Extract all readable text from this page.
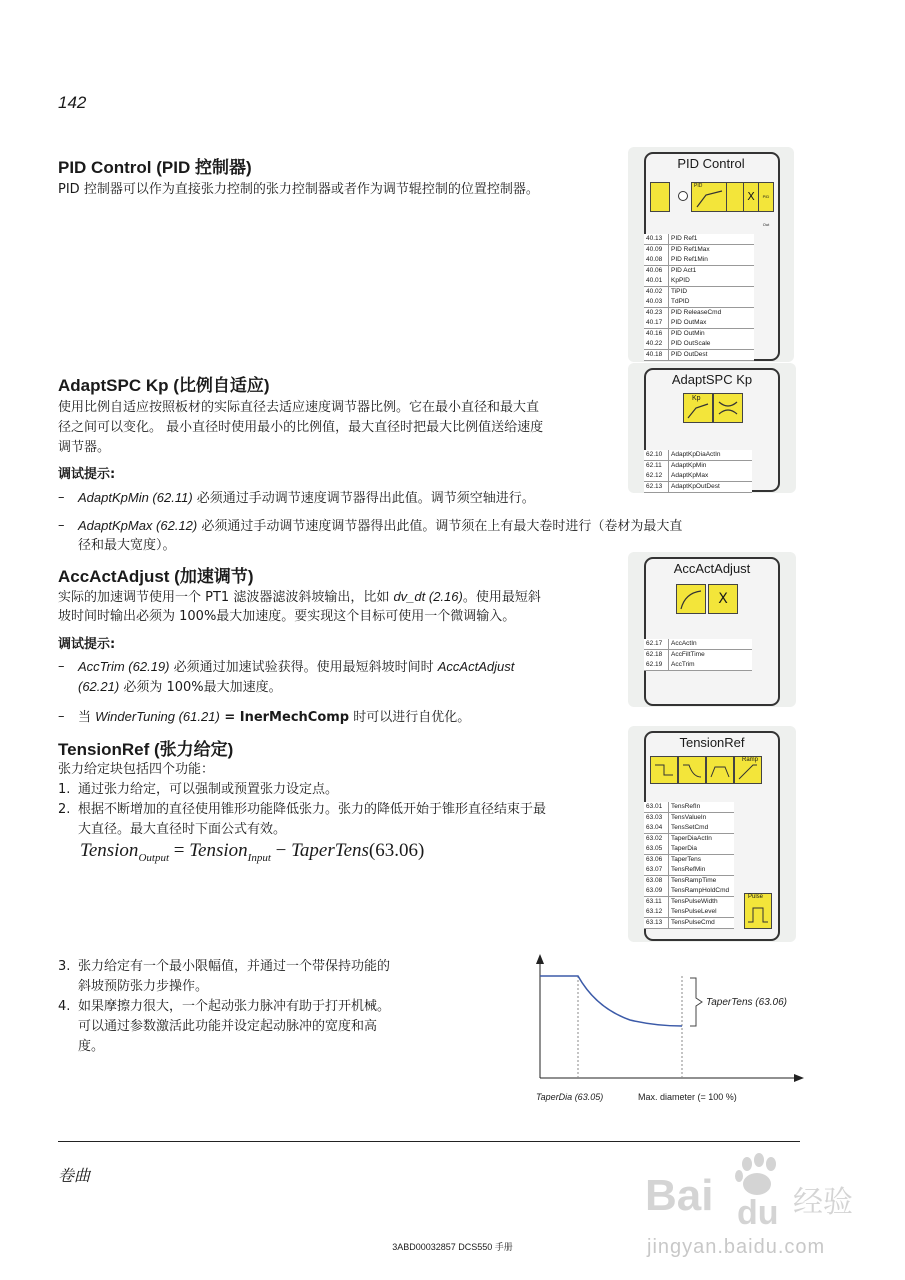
142
PID Control (PID 控制器)
PID 控制器可以作为直接张力控制的张力控制器或者作为调节辊控制的位置控制器。
PID Control
PID
X	PID Out
40.13 PID Ref1
40.09 PID Ref1Max
40.08 PID Ref1Min
40.06 PID Act1
40.01 KpPID
40.02 TiPID
40.03 TdPID
40.23 PID ReleaseCmd
40.17 PID OutMax
40.16 PID OutMin
40.22 PID OutScale
40.18 PID OutDest
AdaptSPC Kp (比例自适应)
使用比例自适应按照板材的实际直径去适应速度调节器比例。它在最小直径和最大直
径之间可以变化。 最小直径时使用最小的比例值，最大直径时把最大比例值送给速度
调节器。
调试提示:
– AdaptKpMin (62.11) 必须通过手动调节速度调节器得出此值。调节须空轴进行。
– AdaptKpMax (62.12) 必须通过手动调节速度调节器得出此值。调节须在上有最大卷时进行（卷材为最大直
径和最大宽度）。
AdaptSPC Kp
Kp
62.10 AdaptKpDiaActIn
62.11 AdaptKpMin
62.12 AdaptKpMax
62.13 AdaptKpOutDest
AccActAdjust (加速调节)
实际的加速调节使用一个 PT1 滤波器滤波斜坡输出，比如 dv_dt (2.16)。使用最短斜
坡时间时输出必须为 100%最大加速度。要实现这个目标可使用一个微调输入。
调试提示:
– AccTrim (62.19) 必须通过加速试验获得。使用最短斜坡时间时 AccActAdjust
(62.21) 必须为 100%最大加速度。
– 当 WinderTuning (61.21) = InerMechComp 时可以进行自优化。
AccActAdjust
X
62.17 AccActIn
62.18 AccFiltTime
62.19 AccTrim
TensionRef (张力给定)
张力给定块包括四个功能：
1. 通过张力给定，可以强制或预置张力设定点。
2. 根据不断增加的直径使用锥形功能降低张力。张力的降低开始于锥形直径结束于最
大直径。最大直径时下面公式有效。
Tension$_{Output}$ = Tension$_{Input}$ − TaperTens(63.06)
3. 张力给定有一个最小限幅值，并通过一个带保持功能的
斜坡预防张力步操作。
4. 如果摩擦力很大，一个起动张力脉冲有助于打开机械。
可以通过参数激活此功能并设定起动脉冲的宽度和高
度。
TensionRef
Ramp
Pulse
63.01 TensRefIn
63.03 TensValueIn
63.04 TensSetCmd
63.02 TaperDiaActIn
63.05 TaperDia
63.06 TaperTens
63.07 TensRefMin
63.08 TensRampTime
63.09 TensRampHoldCmd
63.11 TensPulseWidth
63.12 TensPulseLevel
63.13 TensPulseCmd
TaperTens (63.06)
TaperDia (63.05)	Max. diameter (= 100 %)
卷曲
3ABD00032857 DCS550 手册
Bai du 经验
jingyan.baidu.com
